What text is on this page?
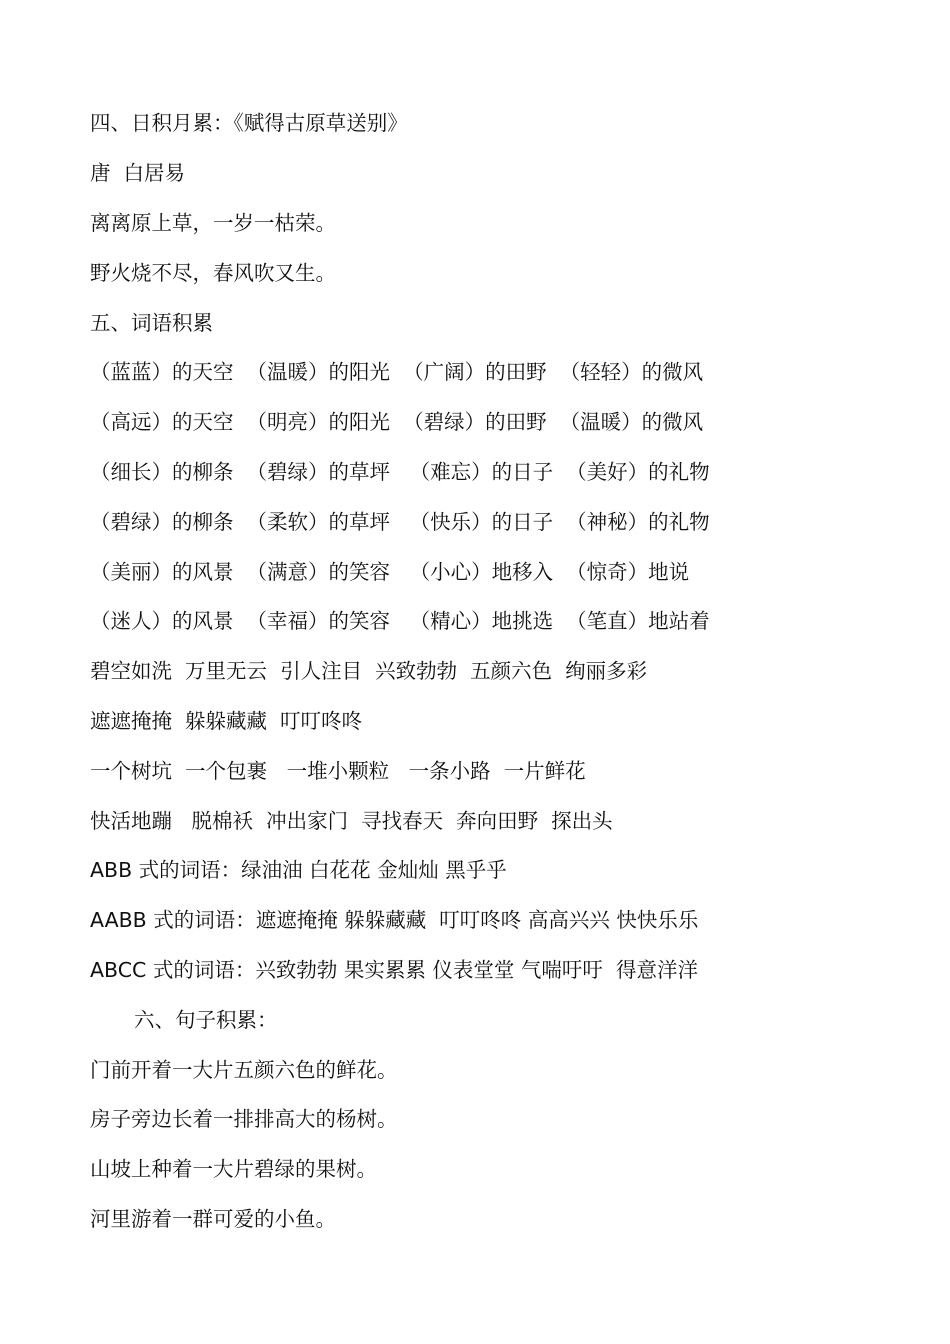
四、日积月累：《赋得古原草送别》
唐  白居易
离离原上草，一岁一枯荣。
野火烧不尽，春风吹又生。
五、词语积累
（蓝蓝）的天空  （温暖）的阳光  （广阔）的田野  （轻轻）的微风
（高远）的天空  （明亮）的阳光  （碧绿）的田野  （温暖）的微风
（细长）的柳条  （碧绿）的草坪   （难忘）的日子  （美好）的礼物
（碧绿）的柳条  （柔软）的草坪   （快乐）的日子  （神秘）的礼物
（美丽）的风景  （满意）的笑容   （小心）地移入  （惊奇）地说
（迷人）的风景  （幸福）的笑容   （精心）地挑选  （笔直）地站着
碧空如洗  万里无云  引人注目  兴致勃勃  五颜六色  绚丽多彩
遮遮掩掩  躲躲藏藏  叮叮咚咚
一个树坑  一个包裹   一堆小颗粒   一条小路  一片鲜花
快活地蹦   脱棉袄  冲出家门  寻找春天  奔向田野  探出头
ABB 式的词语：绿油油 白花花 金灿灿 黑乎乎
AABB 式的词语：遮遮掩掩 躲躲藏藏  叮叮咚咚 高高兴兴 快快乐乐
ABCC 式的词语：兴致勃勃 果实累累 仪表堂堂 气喘吁吁  得意洋洋
六、句子积累：
门前开着一大片五颜六色的鲜花。
房子旁边长着一排排高大的杨树。
山坡上种着一大片碧绿的果树。
河里游着一群可爱的小鱼。
